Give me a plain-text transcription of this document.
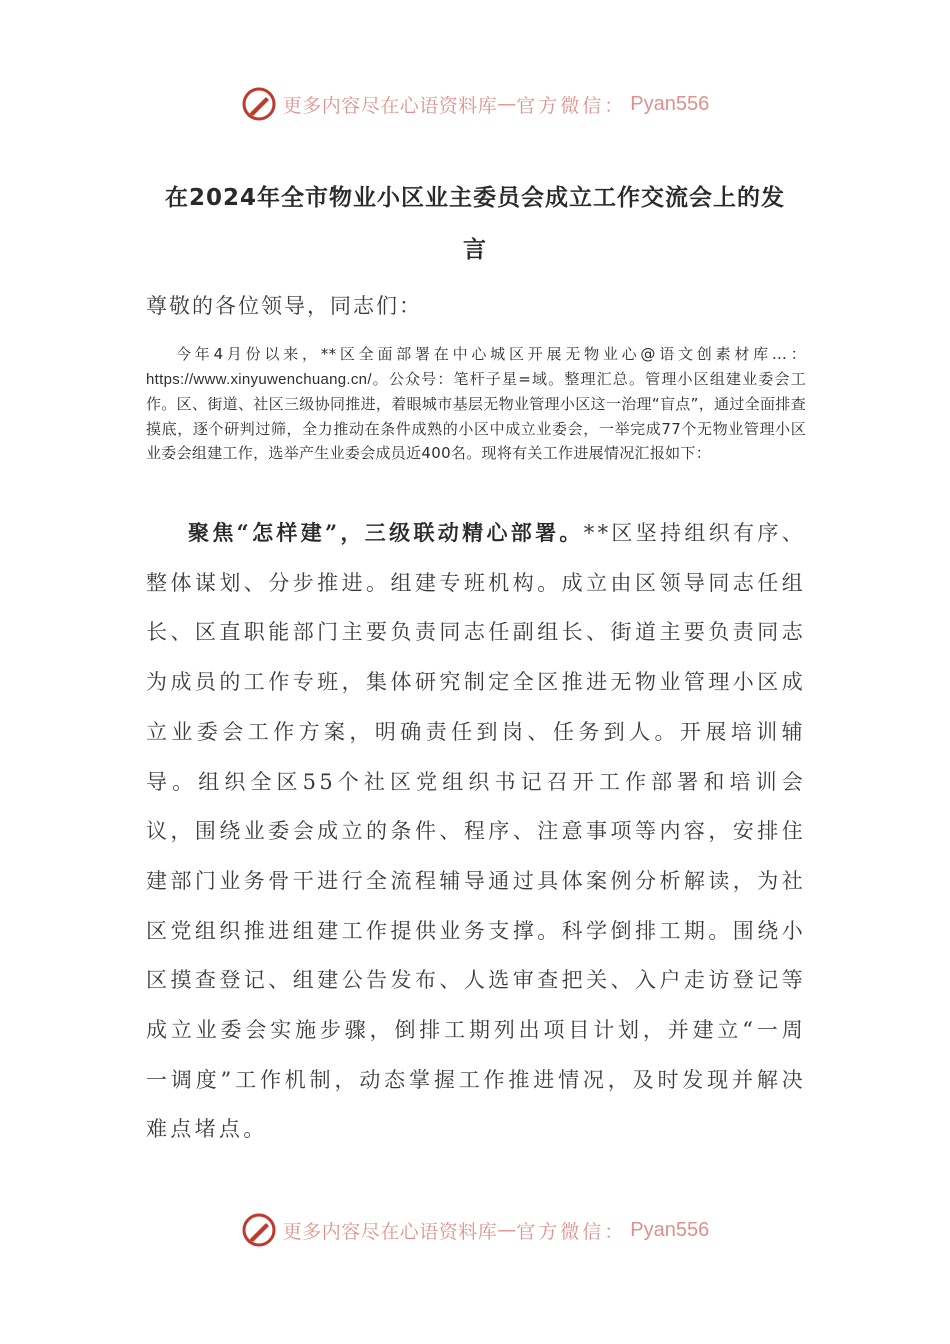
更多内容尽在心语资料库 — 官方微信： Pyan556
在2024年全市物业小区业主委员会成立工作交流会上的发
言
尊敬的各位领导，同志们：
今年4月份以来，**区全面部署在中心城区开展无物业心@语文创素材库…：https://www.xinyuwenchuang.cn/。公众号：笔杆子星=域。整理汇总。管理小区组建业委会工作。区、街道、社区三级协同推进，着眼城市基层无物业管理小区这一治理“盲点”，通过全面排查摸底，逐个研判过筛，全力推动在条件成熟的小区中成立业委会，一举完成77个无物业管理小区业委会组建工作，选举产生业委会成员近400名。现将有关工作进展情况汇报如下：
聚焦“怎样建”，三级联动精心部署。**区坚持组织有序、整体谋划、分步推进。组建专班机构。成立由区领导同志任组长、区直职能部门主要负责同志任副组长、街道主要负责同志为成员的工作专班，集体研究制定全区推进无物业管理小区成立业委会工作方案，明确责任到岗、任务到人。开展培训辅导。组织全区55个社区党组织书记召开工作部署和培训会议，围绕业委会成立的条件、程序、注意事项等内容，安排住建部门业务骨干进行全流程辅导通过具体案例分析解读，为社区党组织推进组建工作提供业务支撑。科学倒排工期。围绕小区摸查登记、组建公告发布、人选审查把关、入户走访登记等成立业委会实施步骤，倒排工期列出项目计划，并建立“一周一调度”工作机制，动态掌握工作推进情况，及时发现并解决难点堵点。
更多内容尽在心语资料库 — 官方微信： Pyan556
